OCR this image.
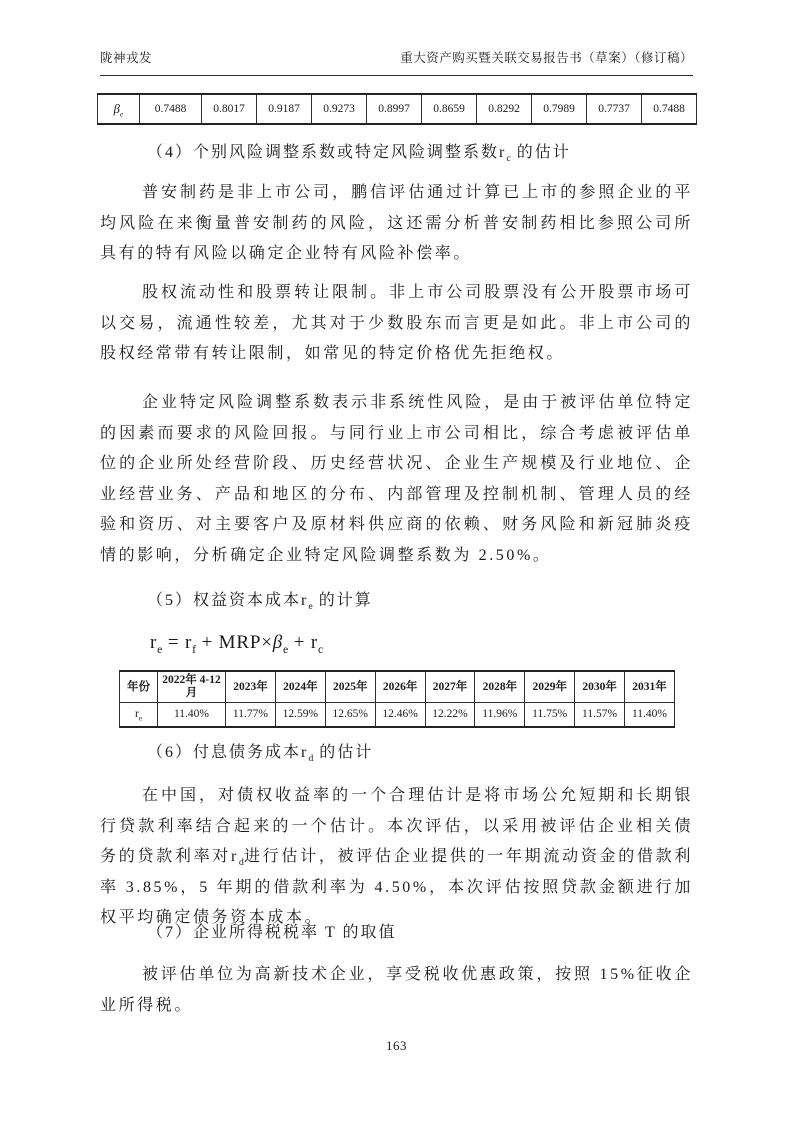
陇神戎发	重大资产购买暨关联交易报告书（草案）（修订稿）
$\beta_e$	0.7488	0.8017	0.9187	0.9273	0.8997	0.8659	0.8292	0.7989	0.7737	0.7488
（4）个别风险调整系数或特定风险调整系数$r_c$ 的估计

普安制药是非上市公司，鹏信评估通过计算已上市的参照企业的平均风险在来衡量普安制药的风险，这还需分析普安制药相比参照公司所具有的特有风险以确定企业特有风险补偿率。

股权流动性和股票转让限制。非上市公司股票没有公开股票市场可以交易，流通性较差，尤其对于少数股东而言更是如此。非上市公司的股权经常带有转让限制，如常见的特定价格优先拒绝权。

企业特定风险调整系数表示非系统性风险，是由于被评估单位特定的因素而要求的风险回报。与同行业上市公司相比，综合考虑被评估单位的企业所处经营阶段、历史经营状况、企业生产规模及行业地位、企业经营业务、产品和地区的分布、内部管理及控制机制、管理人员的经验和资历、对主要客户及原材料供应商的依赖、财务风险和新冠肺炎疫情的影响，分析确定企业特定风险调整系数为 2.50%。

（5）权益资本成本$r_e$ 的计算
$r_e = r_f + MRP\times\beta_e + r_c$
年份	2022年 4-12月	2023年	2024年	2025年	2026年	2027年	2028年	2029年	2030年	2031年
$r_e$	11.40%	11.77%	12.59%	12.65%	12.46%	12.22%	11.96%	11.75%	11.57%	11.40%
（6）付息债务成本$r_d$ 的估计

在中国，对债权收益率的一个合理估计是将市场公允短期和长期银行贷款利率结合起来的一个估计。本次评估，以采用被评估企业相关债务的贷款利率对$r_d$进行估计，被评估企业提供的一年期流动资金的借款利率 3.85%，5 年期的借款利率为 4.50%，本次评估按照贷款金额进行加权平均确定债务资本成本。

（7）企业所得税税率 T 的取值

被评估单位为高新技术企业，享受税收优惠政策，按照 15%征收企业所得税。

163
